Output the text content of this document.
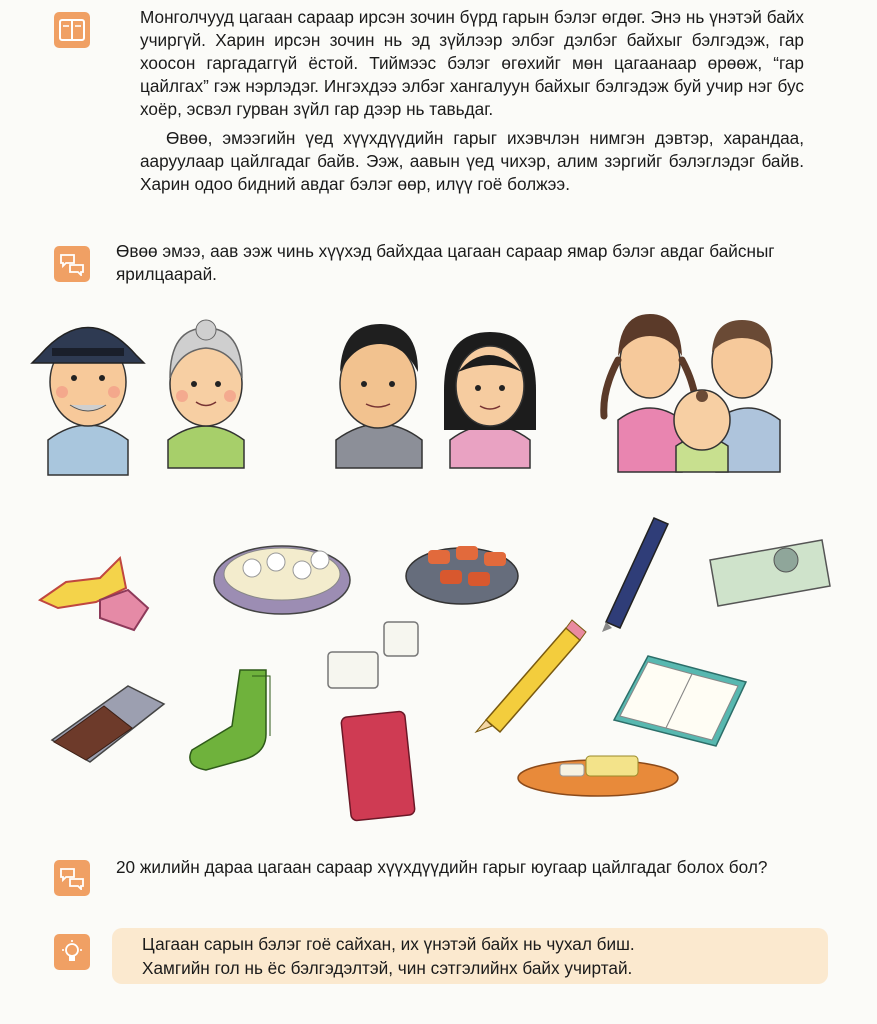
Монголчууд цагаан сараар ирсэн зочин бүрд гарын бэлэг өгдөг. Энэ нь үнэтэй байх учиргүй. Харин ирсэн зочин нь эд зүйлээр элбэг дэлбэг байхыг бэлгэдэж, гар хоосон гаргадаггүй ёстой. Тиймээс бэлэг өгөхийг мөн цагаанаар өрөөж, “гар цайлгах” гэж нэрлэдэг. Ингэхдээ элбэг хангалуун байхыг бэлгэдэж буй учир нэг бус хоёр, эсвэл гурван зүйл гар дээр нь тавьдаг.

Өвөө, эмээгийн үед хүүхдүүдийн гарыг ихэвчлэн нимгэн дэвтэр, харандаа, ааруулаар цайлгадаг байв. Ээж, аавын үед чихэр, алим зэргийг бэлэглэдэг байв. Харин одоо бидний авдаг бэлэг өөр, илүү гоё болжээ.

Өвөө эмээ, аав ээж чинь хүүхэд байхдаа цагаан сараар ямар бэлэг авдаг байсныг ярилцаарай.

20 жилийн дараа цагаан сараар хүүхдүүдийн гарыг юугаар цайлгадаг болох бол?

Цагаан сарын бэлэг гоё сайхан, их үнэтэй байх нь чухал биш.
Хамгийн гол нь ёс бэлгэдэлтэй, чин сэтгэлийнх байх учиртай.
